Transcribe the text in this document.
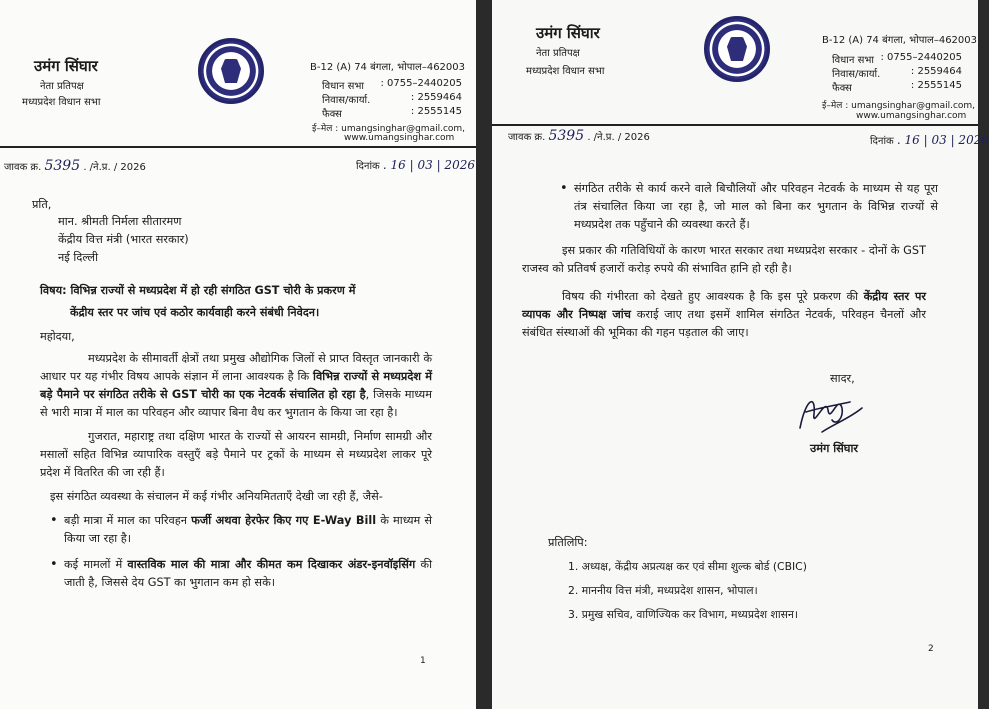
उमंग सिंघार
नेता प्रतिपक्ष
मध्यप्रदेश विधान सभा
B-12 (A) 74 बंगला, भोपाल–462003
विधान सभा : 0755–2440205
निवास/कार्या.	: 2559464
फैक्स	: 2555145
ई–मेल : umangsinghar@gmail.com,
www.umangsinghar.com
जावक क्र. 5395 . /ने.प्र. / 2026	दिनांक . 16 | 03 | 2026
प्रति,
मान. श्रीमती निर्मला सीतारमण
केंद्रीय वित्त मंत्री (भारत सरकार)
नई दिल्ली
विषय: विभिन्न राज्यों से मध्यप्रदेश में हो रही संगठित GST चोरी के प्रकरण में
केंद्रीय स्तर पर जांच एवं कठोर कार्यवाही करने संबंधी निवेदन।
महोदया,

मध्यप्रदेश के सीमावर्ती क्षेत्रों तथा प्रमुख औद्योगिक जिलों से प्राप्त विस्तृत जानकारी के आधार पर यह गंभीर विषय आपके संज्ञान में लाना आवश्यक है कि विभिन्न राज्यों से मध्यप्रदेश में बड़े पैमाने पर संगठित तरीके से GST चोरी का एक नेटवर्क संचालित हो रहा है, जिसके माध्यम से भारी मात्रा में माल का परिवहन और व्यापार बिना वैध कर भुगतान के किया जा रहा है।

गुजरात, महाराष्ट्र तथा दक्षिण भारत के राज्यों से आयरन सामग्री, निर्माण सामग्री और मसालों सहित विभिन्न व्यापारिक वस्तुएँ बड़े पैमाने पर ट्रकों के माध्यम से मध्यप्रदेश लाकर पूरे प्रदेश में वितरित की जा रही हैं।

इस संगठित व्यवस्था के संचालन में कई गंभीर अनियमितताएँ देखी जा रही हैं, जैसे-

• बड़ी मात्रा में माल का परिवहन फर्जी अथवा हेरफेर किए गए E-Way Bill के माध्यम से किया जा रहा है।
• कई मामलों में वास्तविक माल की मात्रा और कीमत कम दिखाकर अंडर-इनवॉइसिंग की जाती है, जिससे देय GST का भुगतान कम हो सके।
1
उमंग सिंघार
नेता प्रतिपक्ष
मध्यप्रदेश विधान सभा
B-12 (A) 74 बंगला, भोपाल–462003
विधान सभा : 0755–2440205
निवास/कार्या.	: 2559464
फैक्स	: 2555145
ई–मेल : umangsinghar@gmail.com,
www.umangsinghar.com
जावक क्र. 5395 . /ने.प्र. / 2026	दिनांक . 16 | 03 | 2026
• संगठित तरीके से कार्य करने वाले बिचौलियों और परिवहन नेटवर्क के माध्यम से यह पूरा तंत्र संचालित किया जा रहा है, जो माल को बिना कर भुगतान के विभिन्न राज्यों से मध्यप्रदेश तक पहुँचाने की व्यवस्था करते हैं।

इस प्रकार की गतिविधियों के कारण भारत सरकार तथा मध्यप्रदेश सरकार - दोनों के GST राजस्व को प्रतिवर्ष हजारों करोड़ रुपये की संभावित हानि हो रही है।

विषय की गंभीरता को देखते हुए आवश्यक है कि इस पूरे प्रकरण की केंद्रीय स्तर पर व्यापक और निष्पक्ष जांच कराई जाए तथा इसमें शामिल संगठित नेटवर्क, परिवहन चैनलों और संबंधित संस्थाओं की भूमिका की गहन पड़ताल की जाए।

सादर,
उमंग सिंघार
प्रतिलिपि:
1. अध्यक्ष, केंद्रीय अप्रत्यक्ष कर एवं सीमा शुल्क बोर्ड (CBIC)
2. माननीय वित्त मंत्री, मध्यप्रदेश शासन, भोपाल।
3. प्रमुख सचिव, वाणिज्यिक कर विभाग, मध्यप्रदेश शासन।
2
